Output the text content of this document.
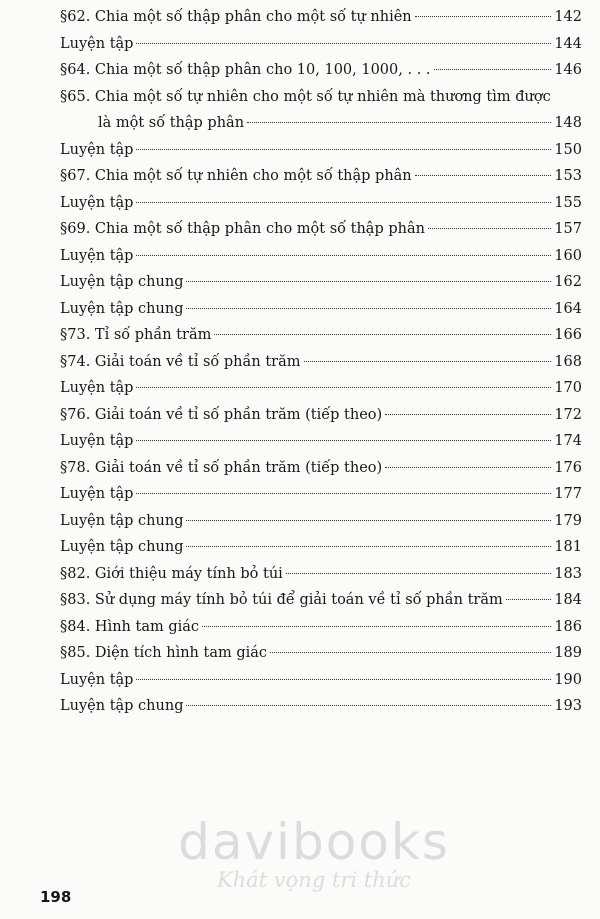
§62. Chia một số thập phân cho một số tự nhiên	142
Luyện tập	144
§64. Chia một số thập phân cho 10, 100, 1000, . . .	146
§65. Chia một số tự nhiên cho một số tự nhiên mà thương tìm được
là một số thập phân	148
Luyện tập	150
§67. Chia một số tự nhiên cho một số thập phân	153
Luyện tập	155
§69. Chia một số thập phân cho một số thập phân	157
Luyện tập	160
Luyện tập chung	162
Luyện tập chung	164
§73. Tỉ số phần trăm	166
§74. Giải toán về tỉ số phần trăm	168
Luyện tập	170
§76. Giải toán về tỉ số phần trăm (tiếp theo)	172
Luyện tập	174
§78. Giải toán về tỉ số phần trăm (tiếp theo)	176
Luyện tập	177
Luyện tập chung	179
Luyện tập chung	181
§82. Giới thiệu máy tính bỏ túi	183
§83. Sử dụng máy tính bỏ túi để giải toán về tỉ số phần trăm	184
§84. Hình tam giác	186
§85. Diện tích hình tam giác	189
Luyện tập	190
Luyện tập chung	193
198
davibooks
Khát vọng tri thức
